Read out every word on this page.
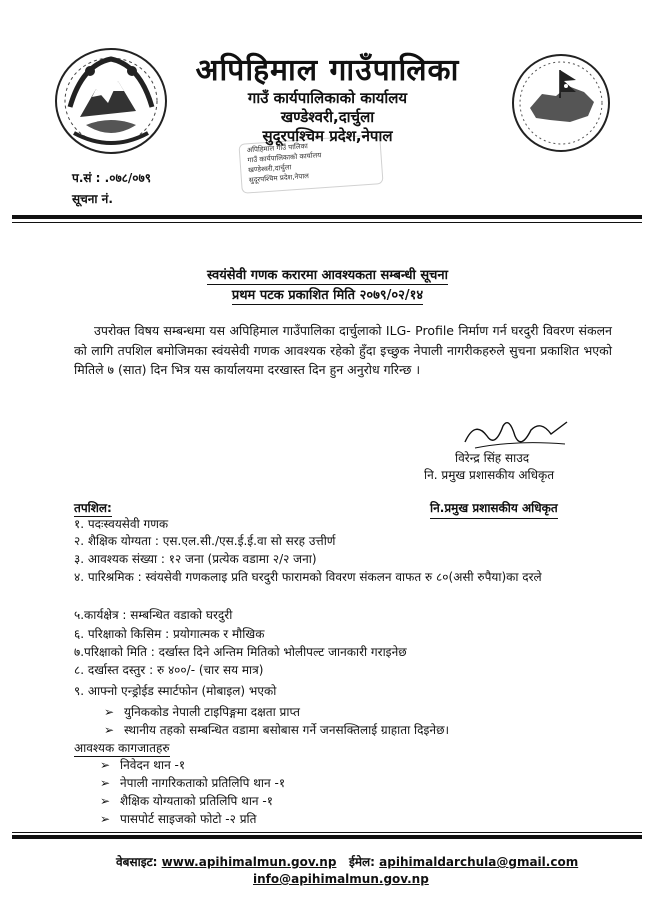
अपिहिमाल गाउँपालिका
गाउँ कार्यपालिकाको कार्यालय
खण्डेश्वरी,दार्चुला
सुदूरपश्चिम प्रदेश,नेपाल
अपिहिमाल गाउँ पालिका
गाउँ कार्यपालिकाको कार्यालय
खण्डेश्वरी,दार्चुला
सुदूरपश्चिम प्रदेश,नेपाल
प.सं : .०७८/०७९
सूचना नं.
स्वयंसेवी गणक करारमा आवश्यकता सम्बन्धी सूचना
प्रथम पटक प्रकाशित मिति २०७९/०२/१४
उपरोक्त विषय सम्बन्धमा यस अपिहिमाल गाउँपालिका दार्चुलाको ILG- Profile निर्माण गर्न घरदुरी विवरण संकलन को लागि तपशिल बमोजिमका स्वंयसेवी गणक आवश्यक रहेको हुँदा इच्छुक नेपाली नागरीकहरुले सुचना प्रकाशित भएको मितिले ७ (सात) दिन भित्र यस कार्यालयमा दरखास्त दिन हुन अनुरोध गरिन्छ ।
विरेन्द्र सिंह साउद
नि. प्रमुख प्रशासकीय अधिकृत
नि.प्रमुख प्रशासकीय अधिकृत
तपशिल:
१. पदःस्वयसेवी गणक
२. शैक्षिक योग्यता : एस.एल.सी./एस.ई.ई.वा सो सरह उत्तीर्ण
३. आवश्यक संख्या : १२ जना (प्रत्येक वडामा २/२ जना)
४. पारिश्रमिक : स्वंयसेवी गणकलाइ प्रति घरदुरी फारामको विवरण संकलन वाफत रु ८०(असी रुपैया)का दरले
५.कार्यक्षेत्र : सम्बन्धित वडाको घरदुरी
६. परिक्षाको किसिम : प्रयोगात्मक र मौखिक
७.परिक्षाको मिति : दर्खास्त दिने अन्तिम मितिको भोलीपल्ट जानकारी गराइनेछ
८. दर्खास्त दस्तुर : रु ४००/- (चार सय मात्र)
९. आफ्नो एन्ड्रोईड स्मार्टफोन (मोबाइल) भएको
➢ युनिककोड नेपाली टाइपिङ्गमा दक्षता प्राप्त
➢ स्थानीय तहको सम्बन्धित वडामा बसोबास गर्ने जनसक्तिलाई ग्राहाता दिइनेछ।
आवश्यक कागजातहरु
➢ निवेदन थान -१
➢ नेपाली नागरिकताको प्रतिलिपि थान -१
➢ शैक्षिक योग्यताको प्रतिलिपि थान -१
➢ पासपोर्ट साइजको फोटो -२ प्रति
वेबसाइट: www.apihimalmun.gov.np ईमेल: apihimaldarchula@gmail.com
info@apihimalmun.gov.np
